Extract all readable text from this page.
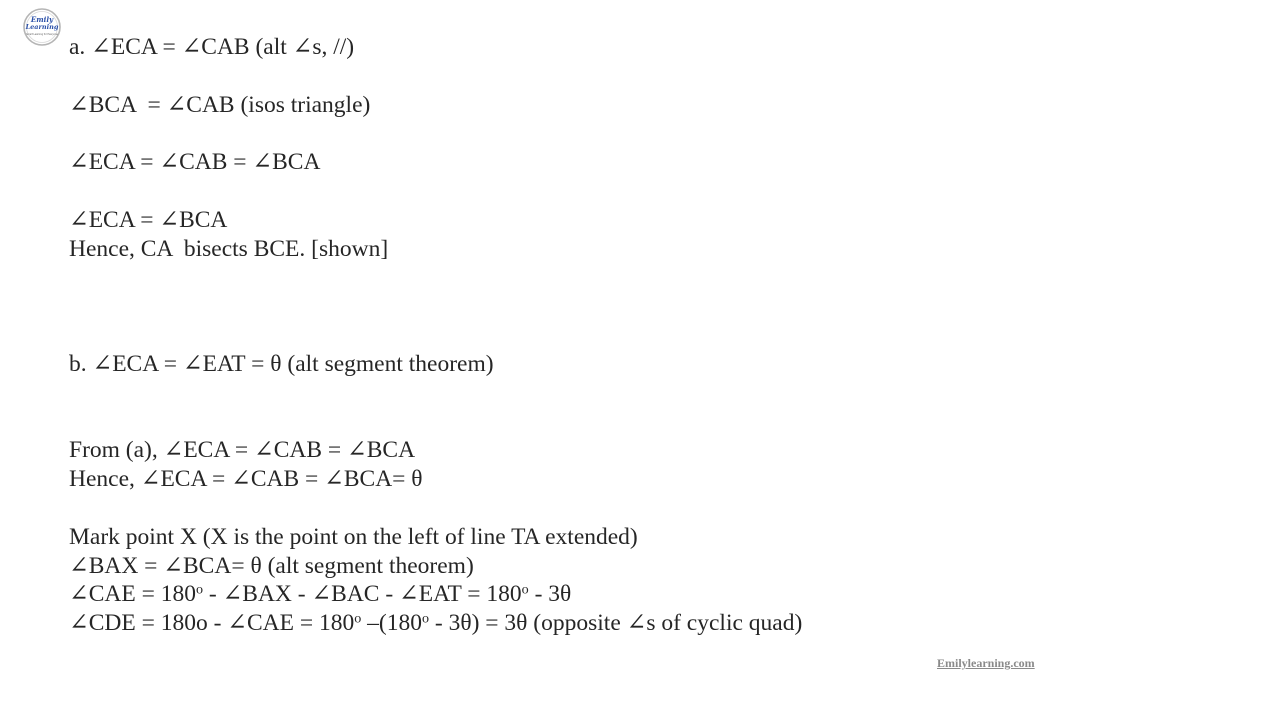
Emily
Learning
Smart Learning for Everyone a. ∠ECA = ∠CAB (alt ∠s, //)
∠BCA  = ∠CAB (isos triangle)
∠ECA = ∠CAB = ∠BCA
∠ECA = ∠BCA
Hence, CA  bisects BCE. [shown]
b. ∠ECA = ∠EAT = θ (alt segment theorem)
From (a), ∠ECA = ∠CAB = ∠BCA
Hence, ∠ECA = ∠CAB = ∠BCA= θ
Mark point X (X is the point on the left of line TA extended)
∠BAX = ∠BCA= θ (alt segment theorem)
∠CAE = $180^o$ - ∠BAX - ∠BAC - ∠EAT = $180^o - 3\theta$
∠CDE = 180o - ∠CAE = $180^o$ –(180$^o$ - 3θ) = 3θ (opposite ∠s of cyclic quad)
Emilylearning.com
